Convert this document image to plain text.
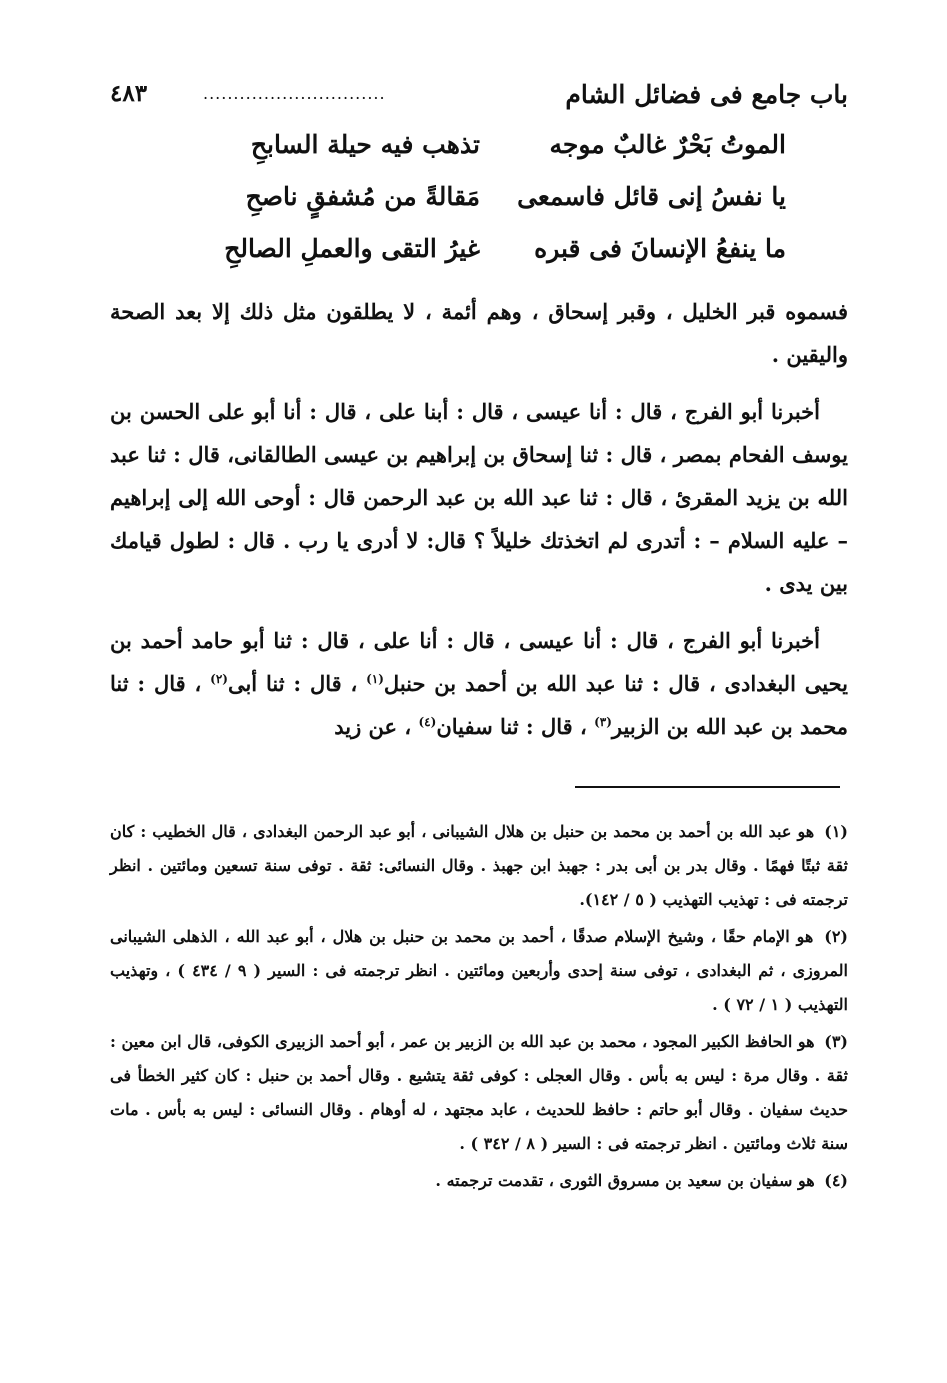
باب جامع فى فضائل الشام
..............................
٤٨٣
الموتُ بَحْرٌ غالبٌ موجه
تذهب فيه حيلة السابحِ
يا نفسُ إنى قائل فاسمعى
مَقالةً من مُشفقٍ ناصحِ
ما ينفعُ الإنسانَ فى قبره
غيرُ التقى والعملِ الصالحِ

فسموه قبر الخليل ، وقبر إسحاق ، وهم أئمة ، لا يطلقون مثل ذلك إلا بعد الصحة واليقين .

أخبرنا أبو الفرج ، قال : أنا عيسى ، قال : أبنا على ، قال : أنا أبو على الحسن بن يوسف الفحام بمصر ، قال : ثنا إسحاق بن إبراهيم بن عيسى الطالقانى، قال : ثنا عبد الله بن يزيد المقرئ ، قال : ثنا عبد الله بن عبد الرحمن قال : أوحى الله إلى إبراهيم – عليه السلام – : أتدرى لم اتخذتك خليلاً ؟ قال: لا أدرى يا رب . قال : لطول قيامك بين يدى .

أخبرنا أبو الفرج ، قال : أنا عيسى ، قال : أنا على ، قال : ثنا أبو حامد أحمد بن يحيى البغدادى ، قال : ثنا عبد الله بن أحمد بن حنبل$^{(١)}$ ، قال : ثنا أبى$^{(٢)}$ ، قال : ثنا محمد بن عبد الله بن الزبير$^{(٣)}$ ، قال : ثنا سفيان$^{(٤)}$ ، عن زيد

(١) هو عبد الله بن أحمد بن محمد بن حنبل بن هلال الشيبانى ، أبو عبد الرحمن البغدادى ، قال الخطيب : كان ثقة ثبتًا فهمًا . وقال بدر بن أبى بدر : جهبذ ابن جهبذ . وقال النسائى: ثقة . توفى سنة تسعين ومائتين . انظر ترجمته فى : تهذيب التهذيب ( ٥ / ١٤٢).
(٢) هو الإمام حقًا ، وشيخ الإسلام صدقًا ، أحمد بن محمد بن حنبل بن هلال ، أبو عبد الله ، الذهلى الشيبانى المروزى ، ثم البغدادى ، توفى سنة إحدى وأربعين ومائتين . انظر ترجمته فى : السير ( ٩ / ٤٣٤ ) ، وتهذيب التهذيب ( ١ / ٧٢ ) .
(٣) هو الحافظ الكبير المجود ، محمد بن عبد الله بن الزبير بن عمر ، أبو أحمد الزبيرى الكوفى، قال ابن معين : ثقة . وقال مرة : ليس به بأس . وقال العجلى : كوفى ثقة يتشيع . وقال أحمد بن حنبل : كان كثير الخطأ فى حديث سفيان . وقال أبو حاتم : حافظ للحديث ، عابد مجتهد ، له أوهام . وقال النسائى : ليس به بأس . مات سنة ثلاث ومائتين . انظر ترجمته فى : السير ( ٨ / ٣٤٢ ) .
(٤) هو سفيان بن سعيد بن مسروق الثورى ، تقدمت ترجمته .
